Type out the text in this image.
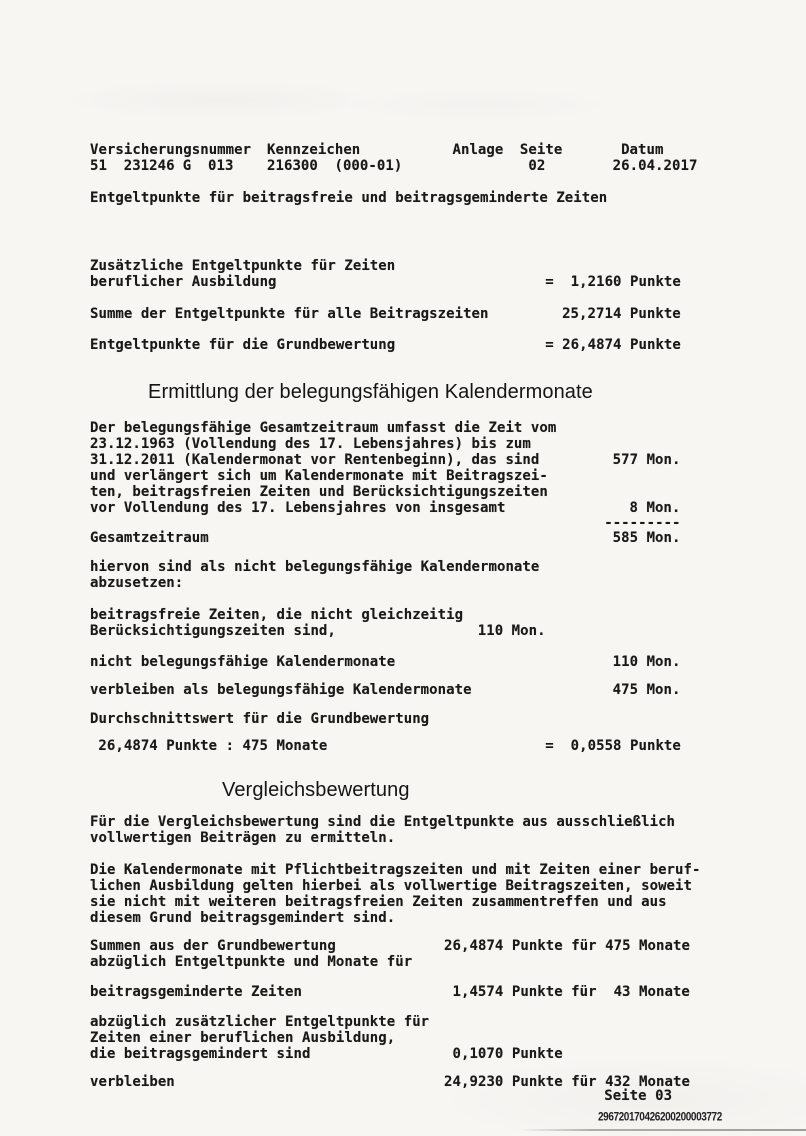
Versicherungsnummer Kennzeichen	Anlage Seite	Datum
51 231246 G 013 216300 (000-01)	02	26.04.2017
Entgeltpunkte für beitragsfreie und beitragsgeminderte Zeiten
Zusätzliche Entgeltpunkte für Zeiten
beruflicher Ausbildung	=  1,2160 Punkte
Summe der Entgeltpunkte für alle Beitragszeiten	25,2714 Punkte
Entgeltpunkte für die Grundbewertung	= 26,4874 Punkte
Ermittlung der belegungsfähigen Kalendermonate
Der belegungsfähige Gesamtzeitraum umfasst die Zeit vom
23.12.1963 (Vollendung des 17. Lebensjahres) bis zum
31.12.2011 (Kalendermonat vor Rentenbeginn), das sind	577 Mon.
und verlängert sich um Kalendermonate mit Beitragszei-
ten, beitragsfreien Zeiten und Berücksichtigungszeiten
vor Vollendung des 17. Lebensjahres von insgesamt	8 Mon.
---------
Gesamtzeitraum	585 Mon.
hiervon sind als nicht belegungsfähige Kalendermonate
abzusetzen:
beitragsfreie Zeiten, die nicht gleichzeitig
Berücksichtigungszeiten sind,	110 Mon.
nicht belegungsfähige Kalendermonate	110 Mon.
verbleiben als belegungsfähige Kalendermonate	475 Mon.
Durchschnittswert für die Grundbewertung
26,4874 Punkte : 475 Monate	=  0,0558 Punkte
Vergleichsbewertung
Für die Vergleichsbewertung sind die Entgeltpunkte aus ausschließlich
vollwertigen Beiträgen zu ermitteln.
Die Kalendermonate mit Pflichtbeitragszeiten und mit Zeiten einer beruf-
lichen Ausbildung gelten hierbei als vollwertige Beitragszeiten, soweit
sie nicht mit weiteren beitragsfreien Zeiten zusammentreffen und aus
diesem Grund beitragsgemindert sind.
Summen aus der Grundbewertung	26,4874 Punkte für 475 Monate
abzüglich Entgeltpunkte und Monate für
beitragsgeminderte Zeiten	1,4574 Punkte für  43 Monate
abzüglich zusätzlicher Entgeltpunkte für
Zeiten einer beruflichen Ausbildung,
die beitragsgemindert sind	0,1070 Punkte
verbleiben	24,9230 Punkte für 432 Monate
Seite 03
296720170426200200003772
